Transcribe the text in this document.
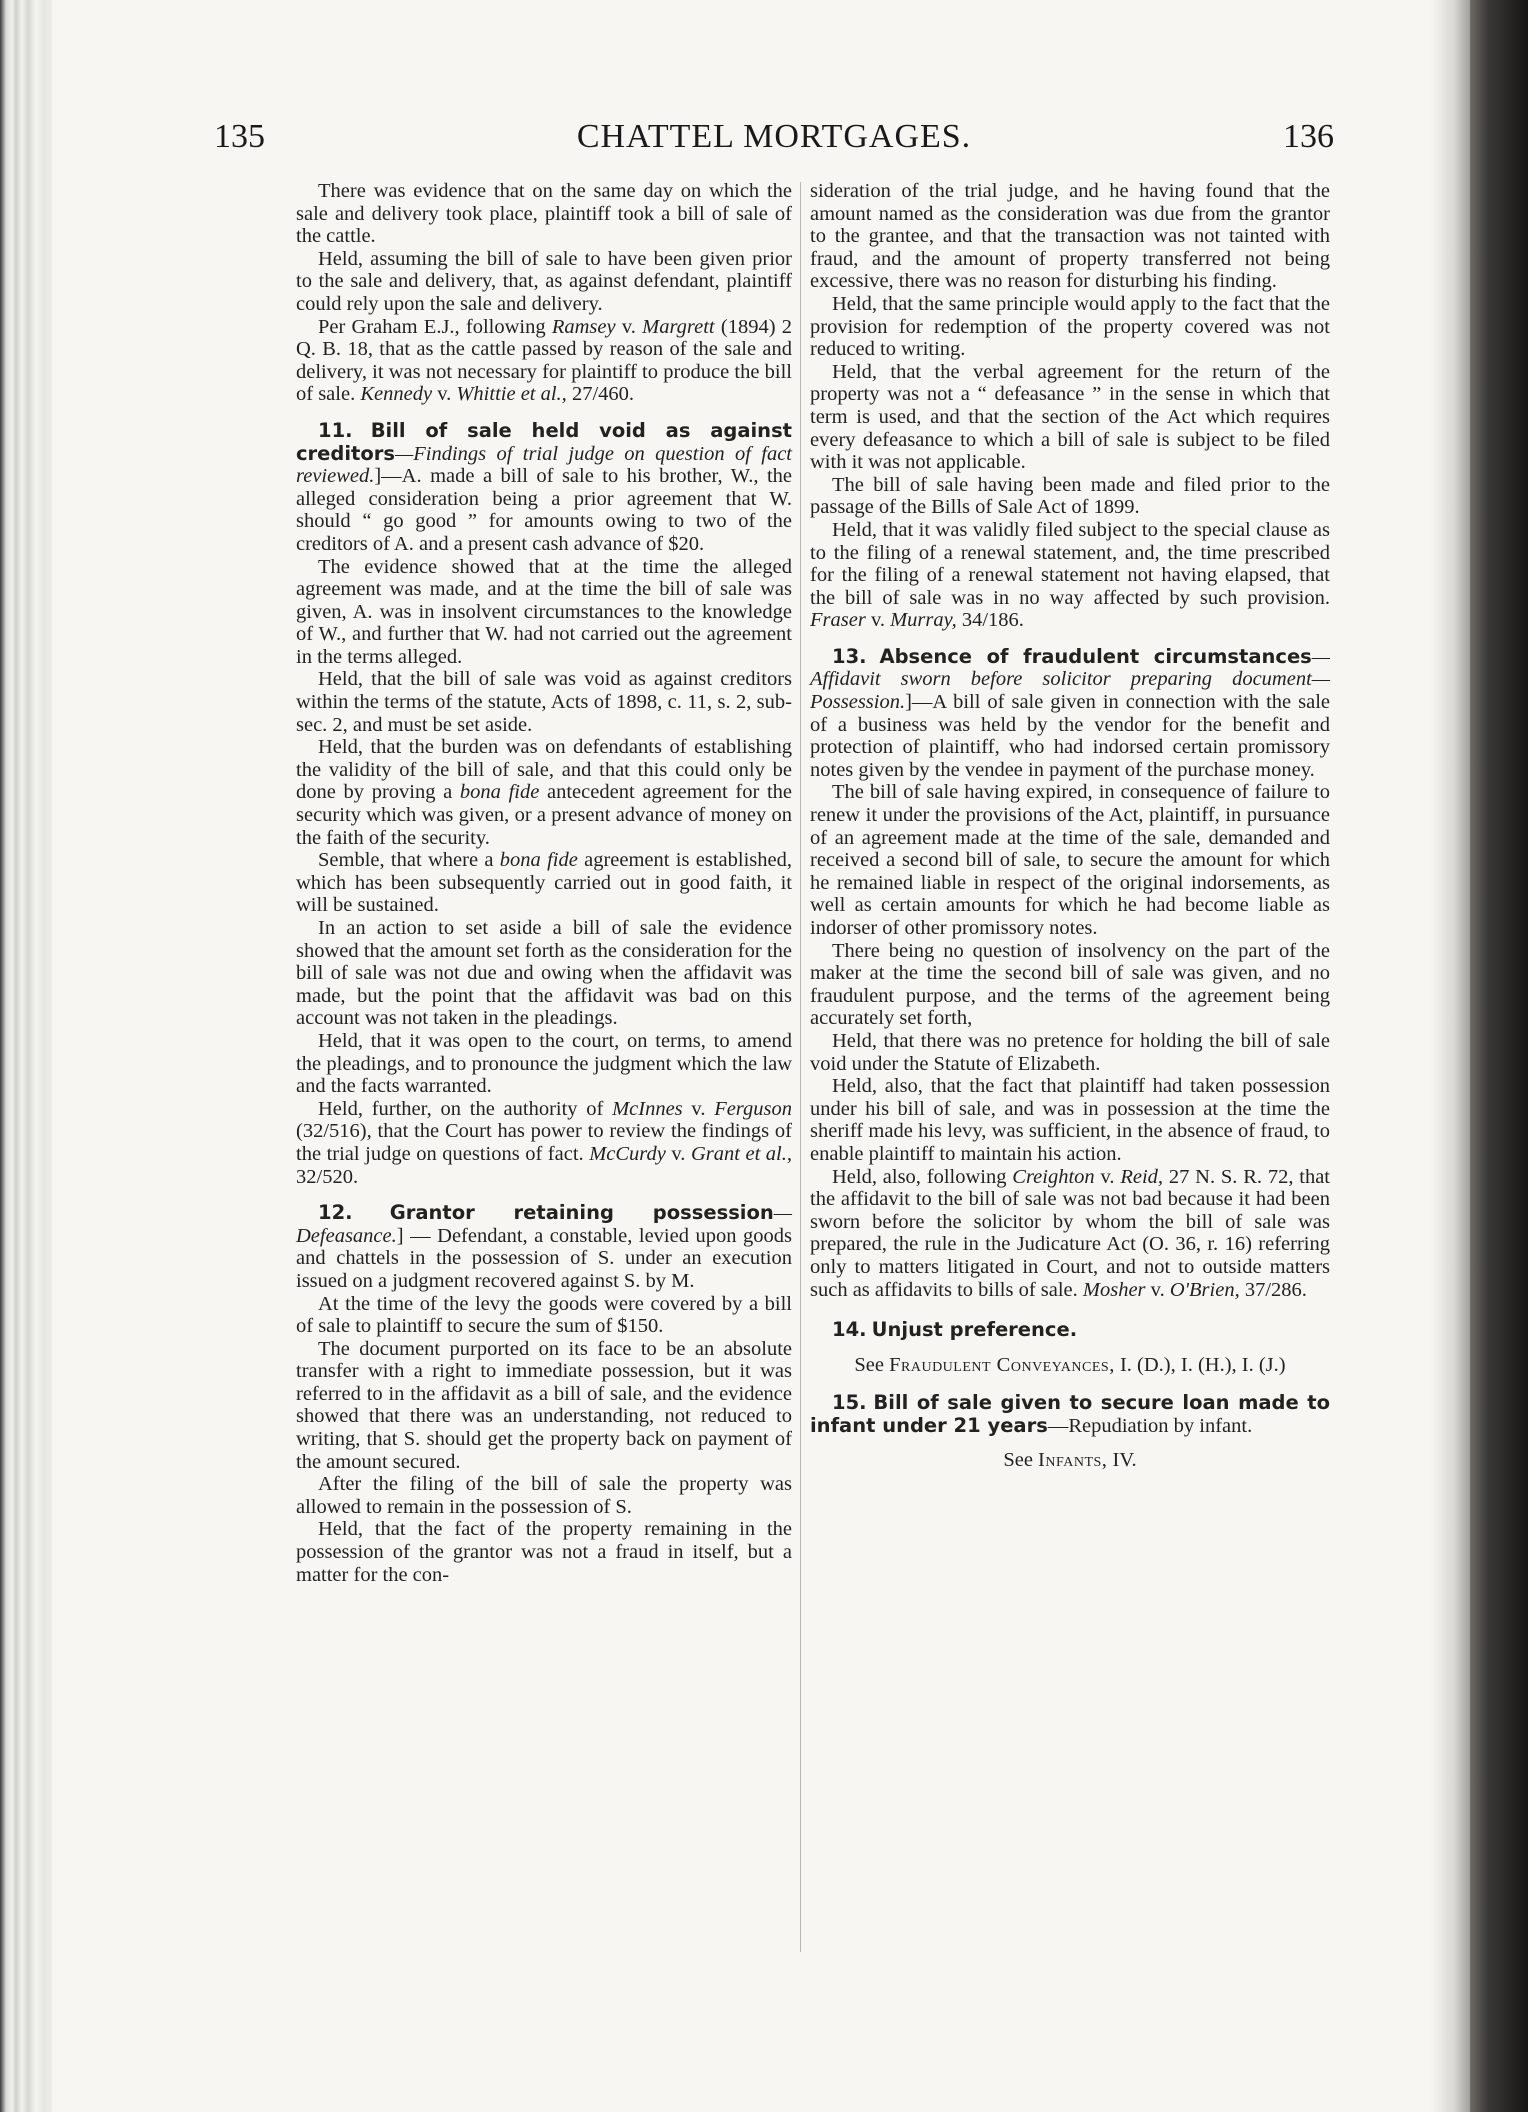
135	CHATTEL MORTGAGES.	136

There was evidence that on the same day on which the sale and delivery took place, plaintiff took a bill of sale of the cattle.

Held, assuming the bill of sale to have been given prior to the sale and delivery, that, as against defendant, plaintiff could rely upon the sale and delivery.

Per Graham E.J., following Ramsey v. Margrett (1894) 2 Q. B. 18, that as the cattle passed by reason of the sale and delivery, it was not necessary for plaintiff to produce the bill of sale. Kennedy v. Whittie et al., 27/460.

11. Bill of sale held void as against creditors—Findings of trial judge on question of fact reviewed.]—A. made a bill of sale to his brother, W., the alleged consideration being a prior agreement that W. should “ go good ” for amounts owing to two of the creditors of A. and a present cash advance of $20.

The evidence showed that at the time the alleged agreement was made, and at the time the bill of sale was given, A. was in insolvent circumstances to the knowledge of W., and further that W. had not carried out the agreement in the terms alleged.

Held, that the bill of sale was void as against creditors within the terms of the statute, Acts of 1898, c. 11, s. 2, sub-sec. 2, and must be set aside.

Held, that the burden was on defendants of establishing the validity of the bill of sale, and that this could only be done by proving a bona fide antecedent agreement for the security which was given, or a present advance of money on the faith of the security.

Semble, that where a bona fide agreement is established, which has been subsequently carried out in good faith, it will be sustained.

In an action to set aside a bill of sale the evidence showed that the amount set forth as the consideration for the bill of sale was not due and owing when the affidavit was made, but the point that the affidavit was bad on this account was not taken in the pleadings.

Held, that it was open to the court, on terms, to amend the pleadings, and to pronounce the judgment which the law and the facts warranted.

Held, further, on the authority of McInnes v. Ferguson (32/516), that the Court has power to review the findings of the trial judge on questions of fact. McCurdy v. Grant et al., 32/520.

12. Grantor retaining possession—Defeasance.] — Defendant, a constable, levied upon goods and chattels in the possession of S. under an execution issued on a judgment recovered against S. by M.

At the time of the levy the goods were covered by a bill of sale to plaintiff to secure the sum of $150.

The document purported on its face to be an absolute transfer with a right to immediate possession, but it was referred to in the affidavit as a bill of sale, and the evidence showed that there was an understanding, not reduced to writing, that S. should get the property back on payment of the amount secured.

After the filing of the bill of sale the property was allowed to remain in the possession of S.

Held, that the fact of the property remaining in the possession of the grantor was not a fraud in itself, but a matter for the con-

sideration of the trial judge, and he having found that the amount named as the consideration was due from the grantor to the grantee, and that the transaction was not tainted with fraud, and the amount of property transferred not being excessive, there was no reason for disturbing his finding.

Held, that the same principle would apply to the fact that the provision for redemption of the property covered was not reduced to writing.

Held, that the verbal agreement for the return of the property was not a “ defeasance ” in the sense in which that term is used, and that the section of the Act which requires every defeasance to which a bill of sale is subject to be filed with it was not applicable.

The bill of sale having been made and filed prior to the passage of the Bills of Sale Act of 1899.

Held, that it was validly filed subject to the special clause as to the filing of a renewal statement, and, the time prescribed for the filing of a renewal statement not having elapsed, that the bill of sale was in no way affected by such provision. Fraser v. Murray, 34/186.

13. Absence of fraudulent circumstances—Affidavit sworn before solicitor preparing document—Possession.]—A bill of sale given in connection with the sale of a business was held by the vendor for the benefit and protection of plaintiff, who had indorsed certain promissory notes given by the vendee in payment of the purchase money.

The bill of sale having expired, in consequence of failure to renew it under the provisions of the Act, plaintiff, in pursuance of an agreement made at the time of the sale, demanded and received a second bill of sale, to secure the amount for which he remained liable in respect of the original indorsements, as well as certain amounts for which he had become liable as indorser of other promissory notes.

There being no question of insolvency on the part of the maker at the time the second bill of sale was given, and no fraudulent purpose, and the terms of the agreement being accurately set forth,

Held, that there was no pretence for holding the bill of sale void under the Statute of Elizabeth.

Held, also, that the fact that plaintiff had taken possession under his bill of sale, and was in possession at the time the sheriff made his levy, was sufficient, in the absence of fraud, to enable plaintiff to maintain his action.

Held, also, following Creighton v. Reid, 27 N. S. R. 72, that the affidavit to the bill of sale was not bad because it had been sworn before the solicitor by whom the bill of sale was prepared, the rule in the Judicature Act (O. 36, r. 16) referring only to matters litigated in Court, and not to outside matters such as affidavits to bills of sale. Mosher v. O'Brien, 37/286.

14. Unjust preference.

See Fraudulent Conveyances, I. (D.), I. (H.), I. (J.)

15. Bill of sale given to secure loan made to infant under 21 years—Repudiation by infant.

See Infants, IV.
